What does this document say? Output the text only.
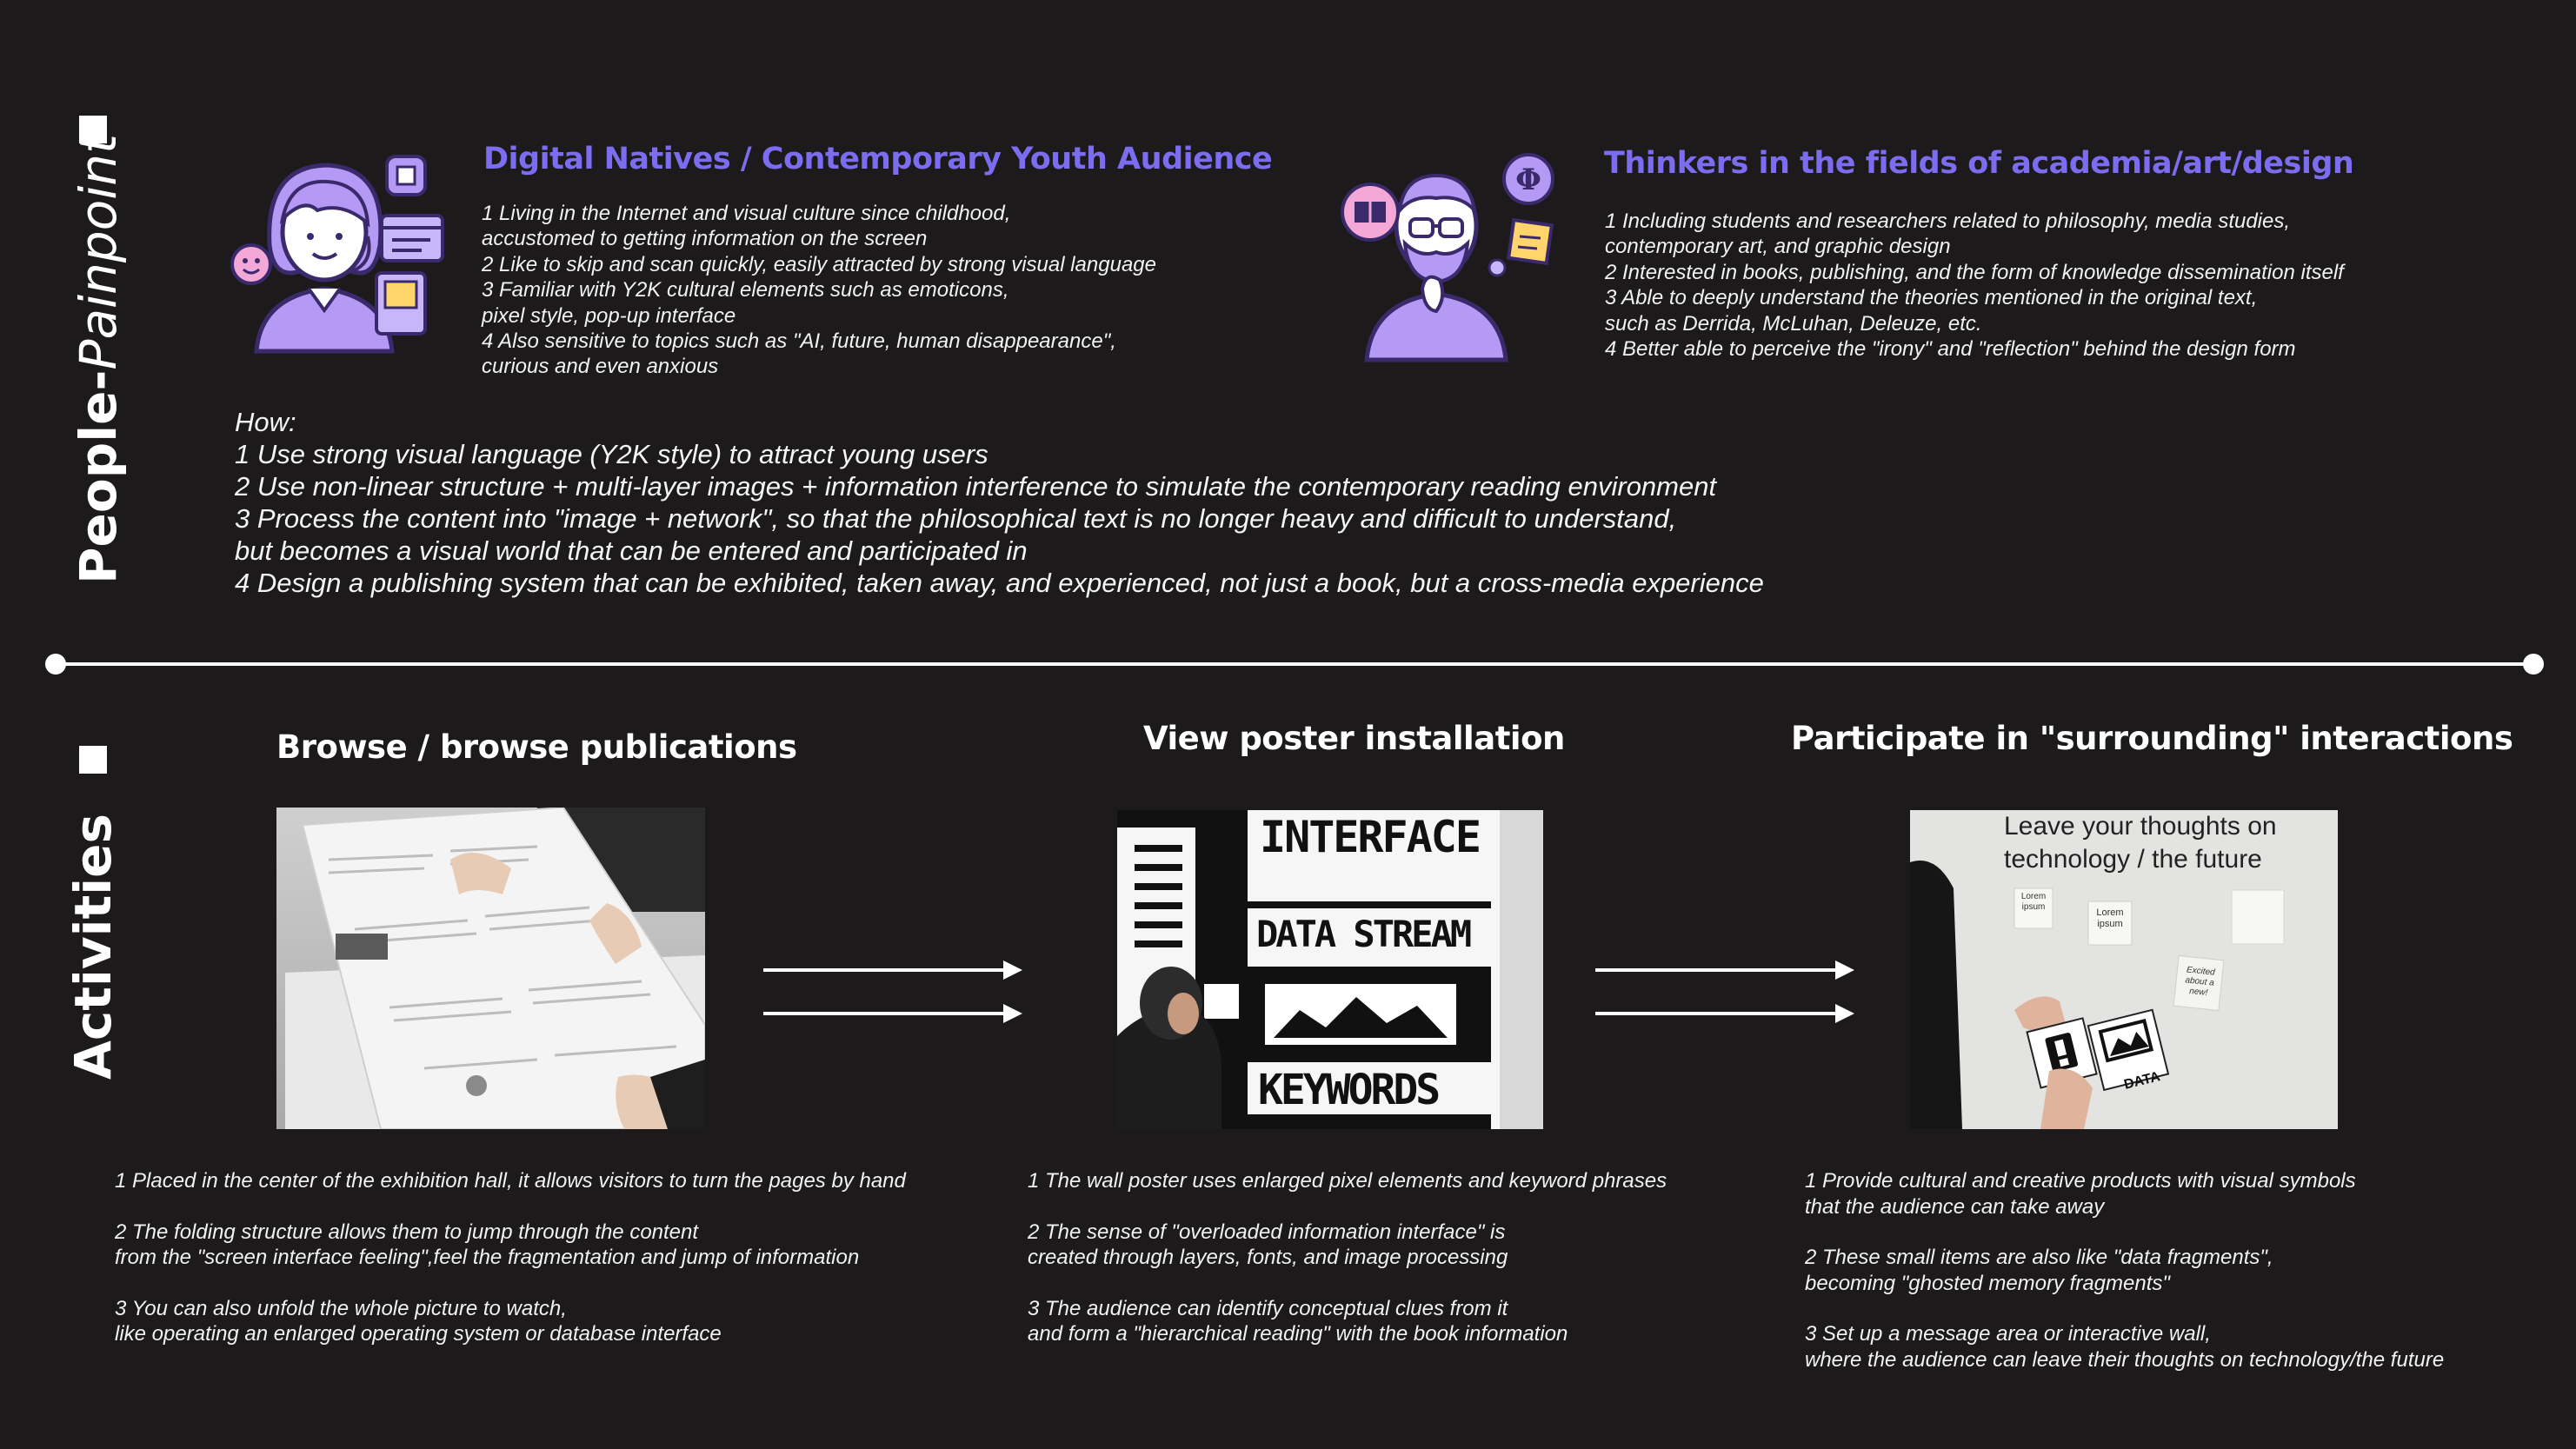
People-Painpoint	Digital Natives / Contemporary Youth Audience
1 Living in the Internet and visual culture since childhood,
accustomed to getting information on the screen
2 Like to skip and scan quickly, easily attracted by strong visual language
3 Familiar with Y2K cultural elements such as emoticons,
pixel style, pop-up interface
4 Also sensitive to topics such as "AI, future, human disappearance",
curious and even anxious
Φ Thinkers in the fields of academia/art/design
1 Including students and researchers related to philosophy, media studies,
contemporary art, and graphic design
2 Interested in books, publishing, and the form of knowledge dissemination itself
3 Able to deeply understand the theories mentioned in the original text,
such as Derrida, McLuhan, Deleuze, etc.
4 Better able to perceive the "irony" and "reflection" behind the design form
How:
1 Use strong visual language (Y2K style) to attract young users
2 Use non-linear structure + multi-layer images + information interference to simulate the contemporary reading environment
3 Process the content into "image + network", so that the philosophical text is no longer heavy and difficult to understand,
but becomes a visual world that can be entered and participated in
4 Design a publishing system that can be exhibited, taken away, and experienced, not just a book, but a cross-media experience
Activities
Browse / browse publications
1 Placed in the center of the exhibition hall, it allows visitors to turn the pages by hand
2 The folding structure allows them to jump through the content
from the "screen interface feeling",feel the fragmentation and jump of information
3 You can also unfold the whole picture to watch,
like operating an enlarged operating system or database interface
View poster installation
INTERFACE
DATA STREAM
KEYWORDS
1 The wall poster uses enlarged pixel elements and keyword phrases
2 The sense of "overloaded information interface" is
created through layers, fonts, and image processing
3 The audience can identify conceptual clues from it
and form a "hierarchical reading" with the book information
Participate in "surrounding" interactions
Leave your thoughts on
technology / the future
Lorem ipsum
Lorem ipsum
Excited about a new!
DATA
1 Provide cultural and creative products with visual symbols
that the audience can take away
2 These small items are also like "data fragments",
becoming "ghosted memory fragments"
3 Set up a message area or interactive wall,
where the audience can leave their thoughts on technology/the future
